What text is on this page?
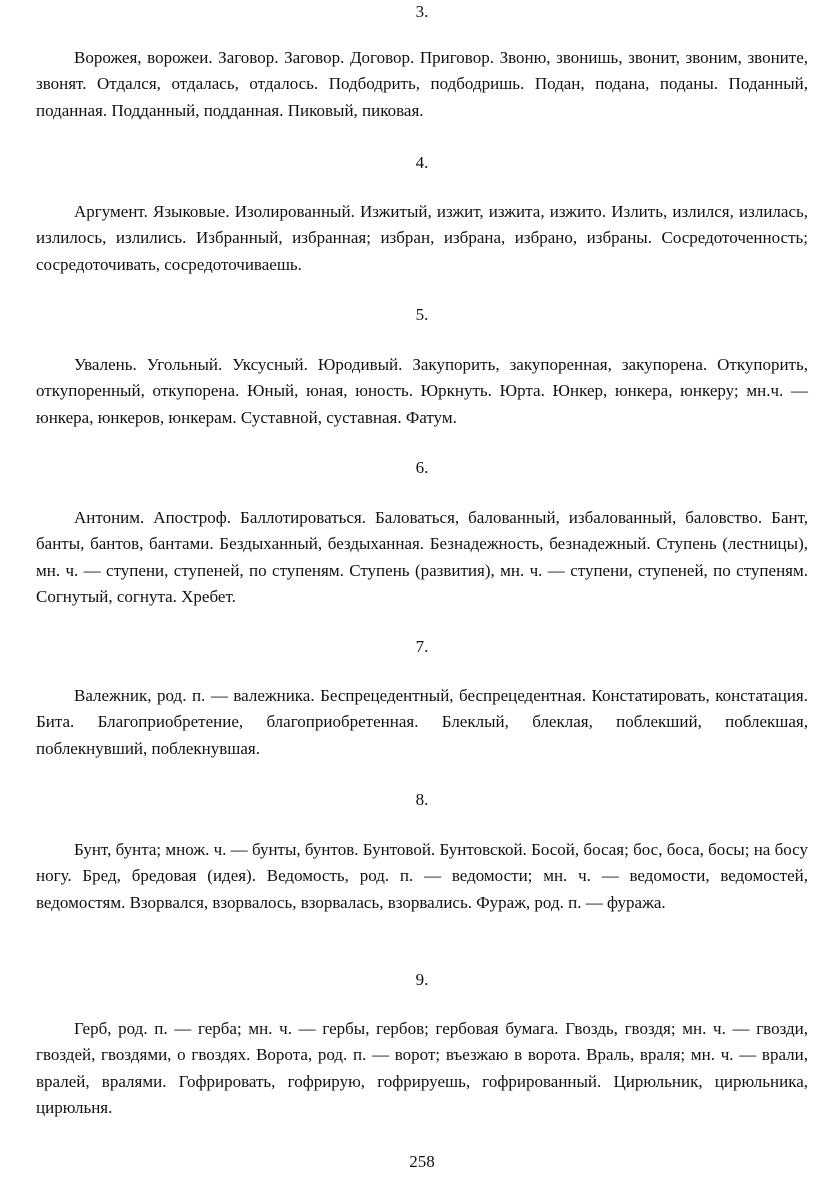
3.

Ворожея, ворожеи. Заговор. Заговор. Договор. Приговор. Звоню, звонишь, звонит, звоним, звоните, звонят. Отдался, отдалась, отдалось. Подбодрить, подбодришь. Подан, подана, поданы. Поданный, поданная. Подданный, подданная. Пиковый, пиковая.

4.

Аргумент. Языковые. Изолированный. Изжитый, изжит, изжита, изжито. Излить, излился, излилась, излилось, излились. Избранный, избранная; избран, избрана, избрано, избраны. Сосредоточенность; сосредоточивать, сосредоточиваешь.

5.

Увалень. Угольный. Уксусный. Юродивый. Закупорить, закупоренная, закупорена. Откупорить, откупоренный, откупорена. Юный, юная, юность. Юркнуть. Юрта. Юнкер, юнкера, юнкеру; мн.ч. — юнкера, юнкеров, юнкерам. Суставной, суставная. Фатум.

6.

Антоним. Апостроф. Баллотироваться. Баловаться, балованный, избалованный, баловство. Бант, банты, бантов, бантами. Бездыханный, бездыханная. Безнадежность, безнадежный. Ступень (лестницы), мн. ч. — ступени, ступеней, по ступеням. Ступень (развития), мн. ч. — ступени, ступеней, по ступеням. Согнутый, согнута. Хребет.

7.

Валежник, род. п. — валежника. Беспрецедентный, беспрецедентная. Констатировать, констатация. Бита. Благоприобретение, благоприобретенная. Блеклый, блеклая, поблекший, поблекшая, поблекнувший, поблекнувшая.

8.

Бунт, бунта; множ. ч. — бунты, бунтов. Бунтовой. Бунтовской. Босой, босая; бос, боса, босы; на босу ногу. Бред, бредовая (идея). Ведомость, род. п. — ведомости; мн. ч. — ведомости, ведомостей, ведомостям. Взорвался, взорвалось, взорвалась, взорвались. Фураж, род. п. — фуража.

9.

Герб, род. п. — герба; мн. ч. — гербы, гербов; гербовая бумага. Гвоздь, гвоздя; мн. ч. — гвозди, гвоздей, гвоздями, о гвоздях. Ворота, род. п. — ворот; въезжаю в ворота. Враль, враля; мн. ч. — врали, вралей, вралями. Гофрировать, гофрирую, гофрируешь, гофрированный. Цирюльник, цирюльника, цирюльня.

258
